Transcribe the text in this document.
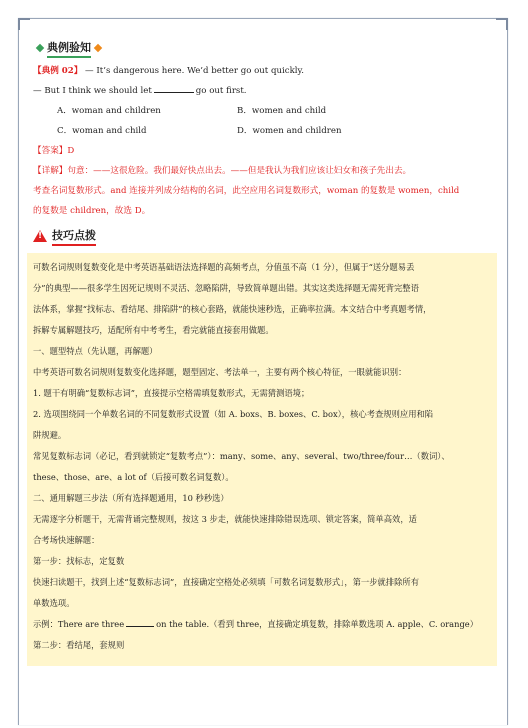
典例验知
【典例 02】 — It’s dangerous here. We’d better go out quickly.
— But I think we should let	go out first.
A．woman and children	B．women and child
C．woman and child	D．women and children
【答案】D
【详解】句意：——这很危险。我们最好快点出去。——但是我认为我们应该让妇女和孩子先出去。
考查名词复数形式。and 连接并列成分结构的名词，此空应用名词复数形式，woman 的复数是 women，child
的复数是 children，故选 D。
!
技巧点拨
可数名词规则复数变化是中考英语基础语法选择题的高频考点，分值虽不高（1 分），但属于“送分题易丢
分”的典型——很多学生因死记规则不灵活、忽略陷阱，导致简单题出错。其实这类选择题无需死背完整语
法体系，掌握“找标志、看结尾、排陷阱”的核心套路，就能快速秒选，正确率拉满。本文结合中考真题考情，
拆解专属解题技巧，适配所有中考考生，看完就能直接套用做题。
一、题型特点（先认题，再解题）
中考英语可数名词规则复数变化选择题，题型固定、考法单一，主要有两个核心特征，一眼就能识别：
1. 题干有明确“复数标志词”，直接提示空格需填复数形式，无需猜测语境；
2. 选项围绕同一个单数名词的不同复数形式设置（如 A. boxs、B. boxes、C. box），核心考查规则应用和陷
阱规避。
常见复数标志词（必记，看到就锁定“复数考点”）：many、some、any、several、two/three/four…（数词）、
these、those、are、a lot of（后接可数名词复数）。
二、通用解题三步法（所有选择题通用，10 秒秒选）
无需逐字分析题干，无需背诵完整规则，按这 3 步走，就能快速排除错误选项、锁定答案，简单高效，适
合考场快速解题：
第一步：找标志，定复数
快速扫读题干，找到上述“复数标志词”，直接确定空格处必须填「可数名词复数形式」，第一步就排除所有
单数选项。
示例：There are three	on the table.（看到 three，直接确定填复数，排除单数选项 A. apple、C. orange）
第二步：看结尾，套规则
